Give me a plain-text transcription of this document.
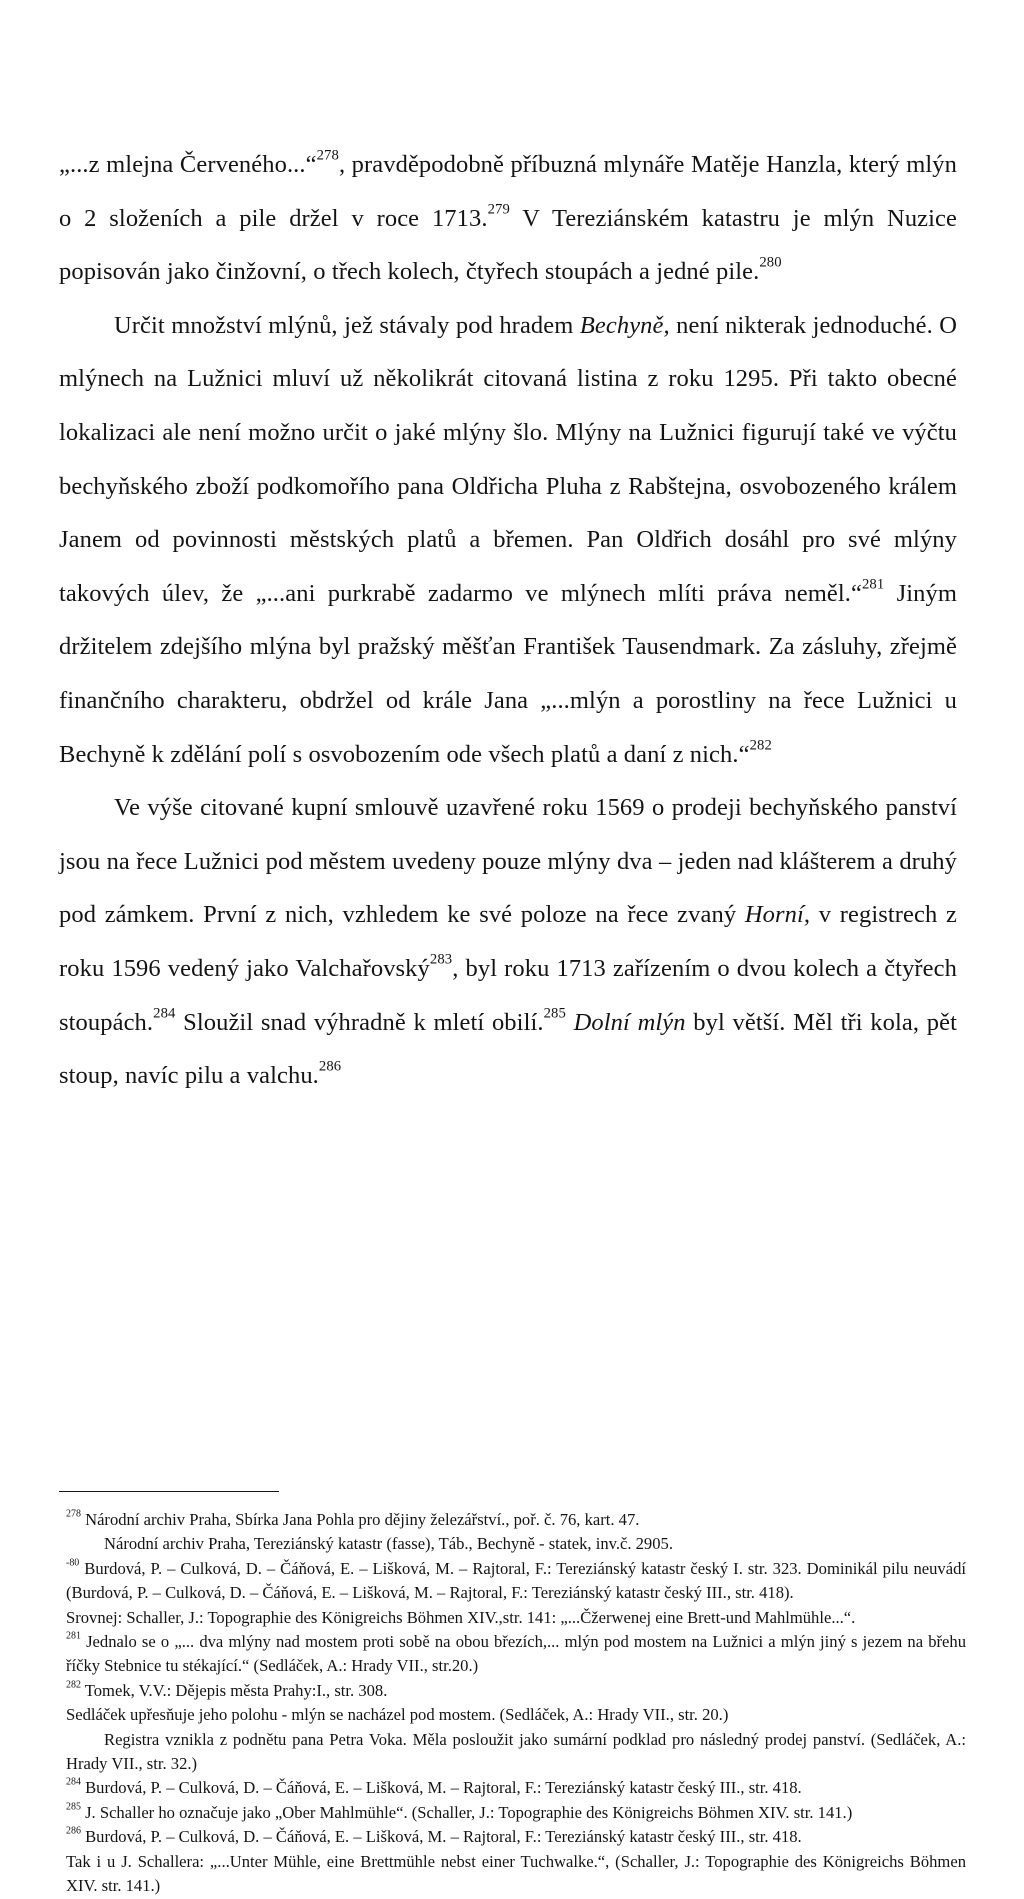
„...z mlejna Červeného...“$^{278}$, pravděpodobně příbuzná mlynáře Matěje Hanzla, který mlýn o 2 složeních a pile držel v roce 1713.$^{279}$ V Tereziánském katastru je mlýn Nuzice popisován jako činžovní, o třech kolech, čtyřech stoupách a jedné pile.$^{280}$

Určit množství mlýnů, jež stávaly pod hradem Bechyně, není nikterak jednoduché. O mlýnech na Lužnici mluví už několikrát citovaná listina z roku 1295. Při takto obecné lokalizaci ale není možno určit o jaké mlýny šlo. Mlýny na Lužnici figurují také ve výčtu bechyňského zboží podkomořího pana Oldřicha Pluha z Rabštejna, osvobozeného králem Janem od povinnosti městských platů a břemen. Pan Oldřich dosáhl pro své mlýny takových úlev, že „...ani purkrabě zadarmo ve mlýnech mlíti práva neměl.“$^{281}$ Jiným držitelem zdejšího mlýna byl pražský měšťan František Tausendmark. Za zásluhy, zřejmě finančního charakteru, obdržel od krále Jana „...mlýn a porostliny na řece Lužnici u Bechyně k zdělání polí s osvobozením ode všech platů a daní z nich.“$^{282}$

Ve výše citované kupní smlouvě uzavřené roku 1569 o prodeji bechyňského panství jsou na řece Lužnici pod městem uvedeny pouze mlýny dva – jeden nad klášterem a druhý pod zámkem. První z nich, vzhledem ke své poloze na řece zvaný Horní, v registrech z roku 1596 vedený jako Valchařovský$^{283}$, byl roku 1713 zařízením o dvou kolech a čtyřech stoupách.$^{284}$ Sloužil snad výhradně k mletí obilí.$^{285}$ Dolní mlýn byl větší. Měl tři kola, pět stoup, navíc pilu a valchu.$^{286}$

$^{278}$ Národní archiv Praha, Sbírka Jana Pohla pro dějiny železářství., poř. č. 76, kart. 47.

Národní archiv Praha, Tereziánský katastr (fasse), Táb., Bechyně - statek, inv.č. 2905.

$^{-80}$ Burdová, P. – Culková, D. – Čáňová, E. – Lišková, M. – Rajtoral, F.: Tereziánský katastr český I. str. 323. Dominikál pilu neuvádí (Burdová, P. – Culková, D. – Čáňová, E. – Lišková, M. – Rajtoral, F.: Tereziánský katastr český III., str. 418).

Srovnej: Schaller, J.: Topographie des Königreichs Böhmen XIV.,str. 141: „...Čžerwenej eine Brett-und Mahlmühle...“.

$^{281}$ Jednalo se o „... dva mlýny nad mostem proti sobě na obou březích,... mlýn pod mostem na Lužnici a mlýn jiný s jezem na břehu říčky Stebnice tu stékající.“ (Sedláček, A.: Hrady VII., str.20.)

$^{282}$ Tomek, V.V.: Dějepis města Prahy:I., str. 308.

Sedláček upřesňuje jeho polohu - mlýn se nacházel pod mostem. (Sedláček, A.: Hrady VII., str. 20.)

Registra vznikla z podnětu pana Petra Voka. Měla posloužit jako sumární podklad pro následný prodej panství. (Sedláček, A.: Hrady VII., str. 32.)

$^{284}$ Burdová, P. – Culková, D. – Čáňová, E. – Lišková, M. – Rajtoral, F.: Tereziánský katastr český III., str. 418.

$^{285}$ J. Schaller ho označuje jako „Ober Mahlmühle“. (Schaller, J.: Topographie des Königreichs Böhmen XIV. str. 141.)

$^{286}$ Burdová, P. – Culková, D. – Čáňová, E. – Lišková, M. – Rajtoral, F.: Tereziánský katastr český III., str. 418.

Tak i u J. Schallera: „...Unter Mühle, eine Brettmühle nebst einer Tuchwalke.“, (Schaller, J.: Topographie des Königreichs Böhmen XIV. str. 141.)
